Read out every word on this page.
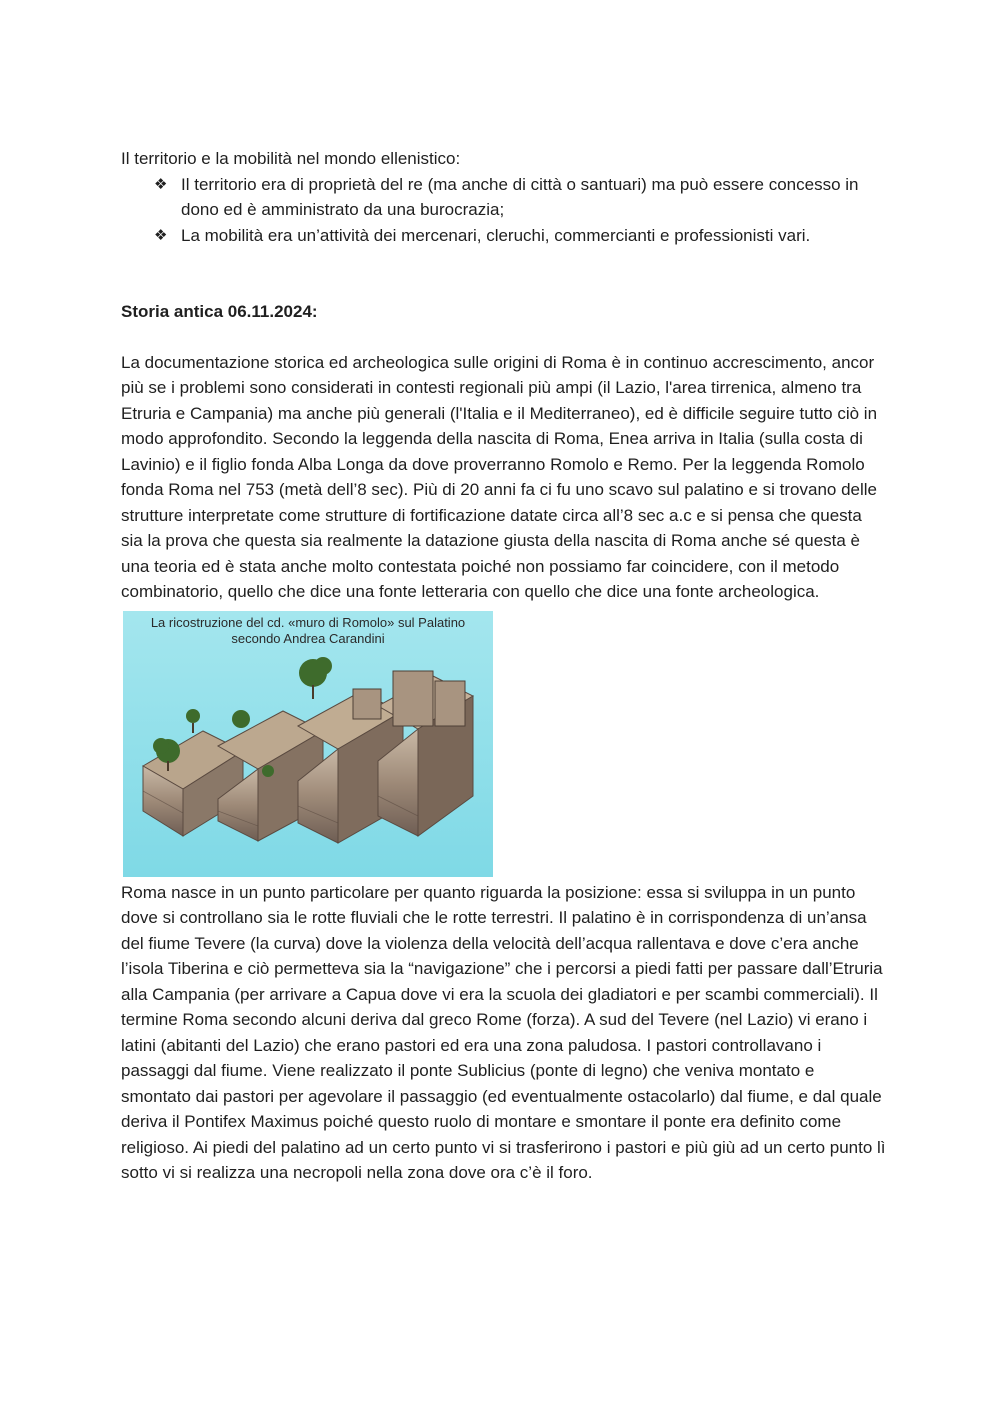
Il territorio e la mobilità nel mondo ellenistico:

❖ Il territorio era di proprietà del re (ma anche di città o santuari) ma può essere concesso in dono ed è amministrato da una burocrazia;
❖ La mobilità era un’attività dei mercenari, cleruchi, commercianti e professionisti vari.

Storia antica 06.11.2024:

La documentazione storica ed archeologica sulle origini di Roma è in continuo accrescimento, ancor più se i problemi sono considerati in contesti regionali più ampi (il Lazio, l'area tirrenica, almeno tra Etruria e Campania) ma anche più generali (l'Italia e il Mediterraneo), ed è difficile seguire tutto ciò in modo approfondito. Secondo la leggenda della nascita di Roma, Enea arriva in Italia (sulla costa di Lavinio) e il figlio fonda Alba Longa da dove proverranno Romolo e Remo. Per la leggenda Romolo fonda Roma nel 753 (metà dell’8 sec). Più di 20 anni fa ci fu uno scavo sul palatino e si trovano delle strutture interpretate come strutture di fortificazione datate circa all’8 sec a.c e si pensa che questa sia la prova che questa sia realmente la datazione giusta della nascita di Roma anche sé questa è una teoria ed è stata anche molto contestata poiché non possiamo far coincidere, con il metodo combinatorio, quello che dice una fonte letteraria con quello che dice una fonte archeologica.

La ricostruzione del cd. «muro di Romolo» sul Palatino
secondo Andrea Carandini

Roma nasce in un punto particolare per quanto riguarda la posizione: essa si sviluppa in un punto dove si controllano sia le rotte fluviali che le rotte terrestri. Il palatino è in corrispondenza di un’ansa del fiume Tevere (la curva) dove la violenza della velocità dell’acqua rallentava e dove c’era anche l’isola Tiberina e ciò permetteva sia la “navigazione” che i percorsi a piedi fatti per passare dall’Etruria alla Campania (per arrivare a Capua dove vi era la scuola dei gladiatori e per scambi commerciali). Il termine Roma secondo alcuni deriva dal greco Rome (forza). A sud del Tevere (nel Lazio) vi erano i latini (abitanti del Lazio) che erano pastori ed era una zona paludosa. I pastori controllavano i passaggi dal fiume. Viene realizzato il ponte Sublicius (ponte di legno) che veniva montato e smontato dai pastori per agevolare il passaggio (ed eventualmente ostacolarlo) dal fiume, e dal quale deriva il Pontifex Maximus poiché questo ruolo di montare e smontare il ponte era definito come religioso. Ai piedi del palatino ad un certo punto vi si trasferirono i pastori e più giù ad un certo punto lì sotto vi si realizza una necropoli nella zona dove ora c’è il foro.
